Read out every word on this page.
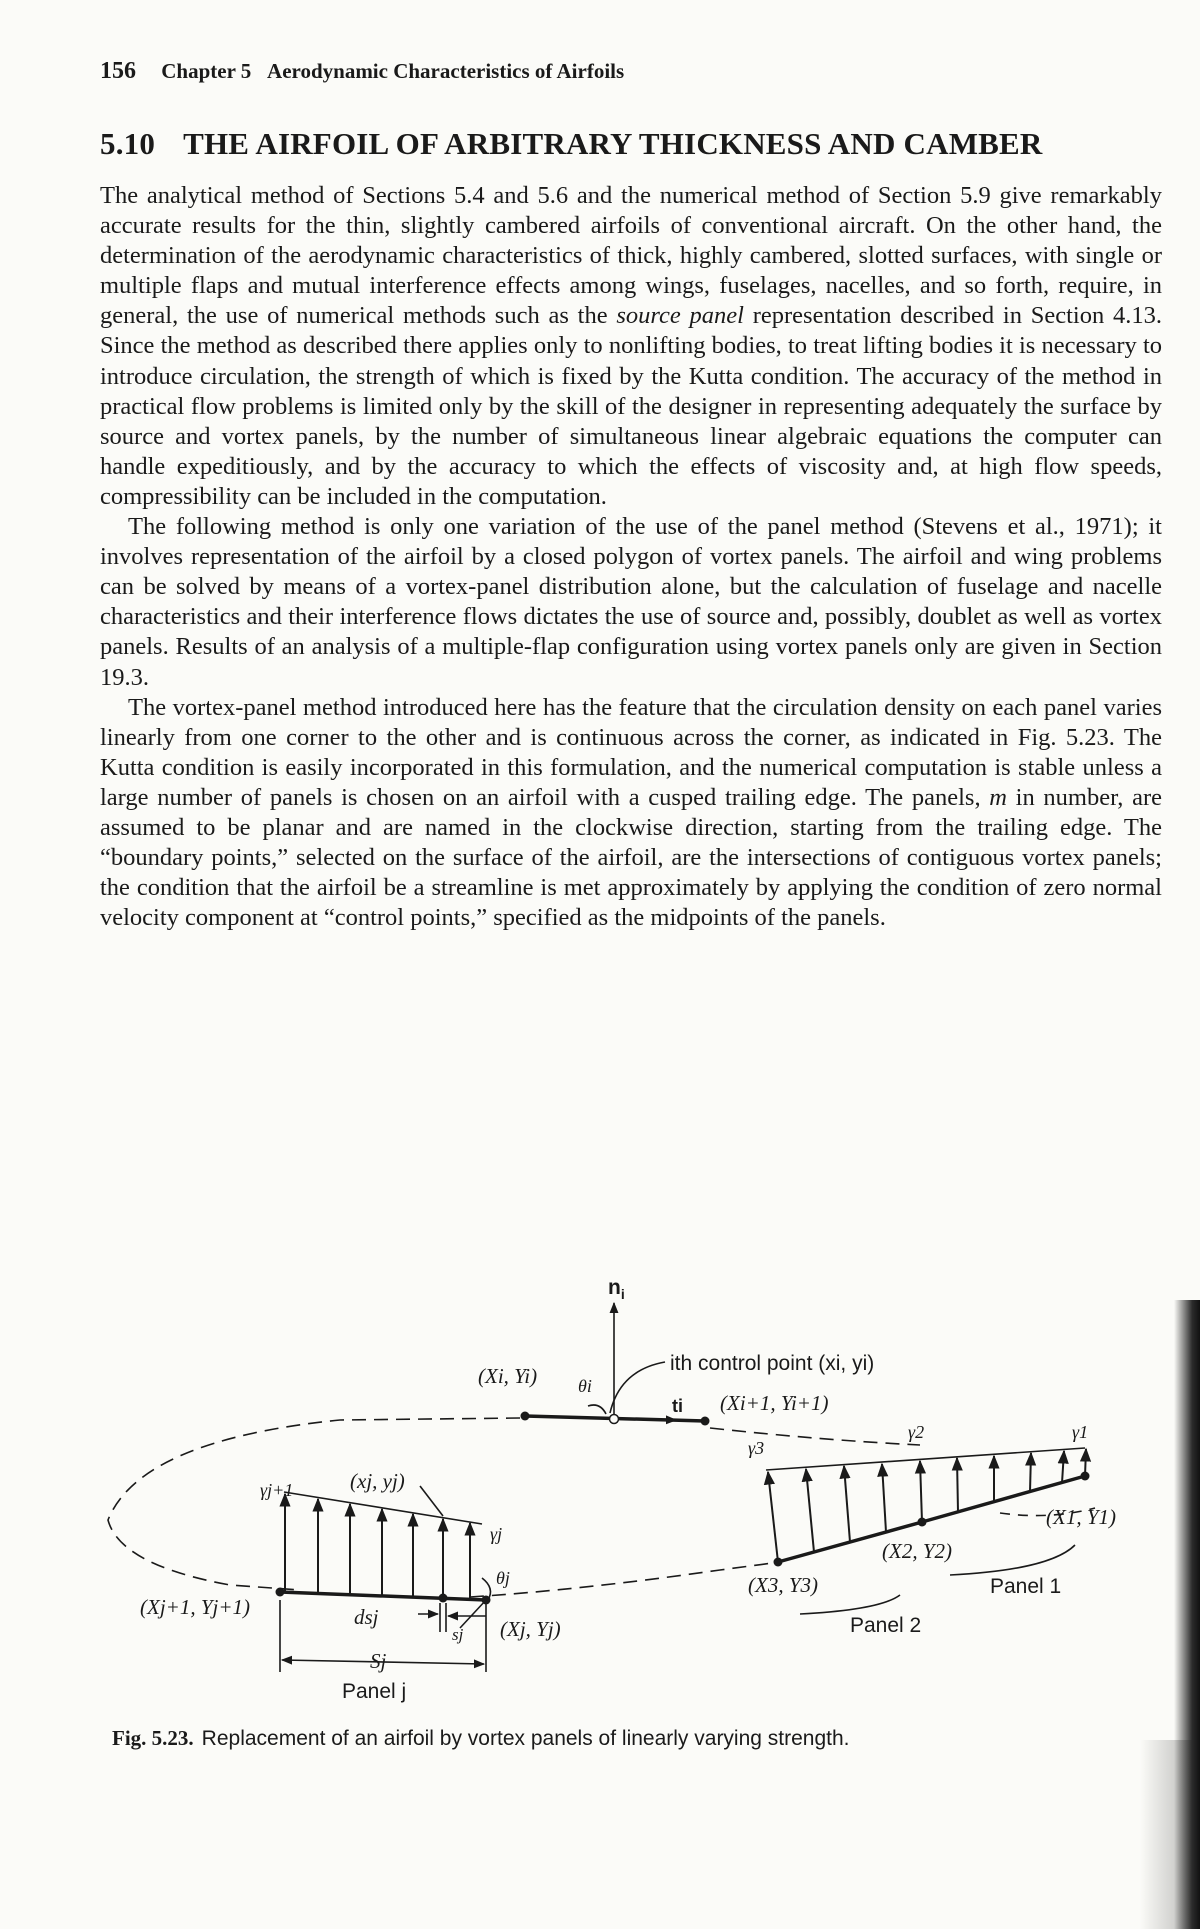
156 Chapter 5 Aerodynamic Characteristics of Airfoils
5.10 THE AIRFOIL OF ARBITRARY THICKNESS AND CAMBER

The analytical method of Sections 5.4 and 5.6 and the numerical method of Section 5.9 give remarkably accurate results for the thin, slightly cambered airfoils of conventional aircraft. On the other hand, the determination of the aerodynamic characteristics of thick, highly cambered, slotted surfaces, with single or multiple flaps and mutual interference effects among wings, fuselages, nacelles, and so forth, require, in general, the use of numerical methods such as the source panel representation described in Section 4.13. Since the method as described there applies only to nonlifting bodies, to treat lifting bodies it is necessary to introduce circulation, the strength of which is fixed by the Kutta condition. The accuracy of the method in practical flow problems is limited only by the skill of the designer in representing adequately the surface by source and vortex panels, by the number of simultaneous linear algebraic equations the computer can handle expeditiously, and by the accuracy to which the effects of viscosity and, at high flow speeds, compressibility can be included in the computation.

The following method is only one variation of the use of the panel method (Stevens et al., 1971); it involves representation of the airfoil by a closed polygon of vortex panels. The airfoil and wing problems can be solved by means of a vortex-panel distribution alone, but the calculation of fuselage and nacelle characteristics and their interference flows dictates the use of source and, possibly, doublet as well as vortex panels. Results of an analysis of a multiple-flap configuration using vortex panels only are given in Section 19.3.

The vortex-panel method introduced here has the feature that the circulation density on each panel varies linearly from one corner to the other and is continuous across the corner, as indicated in Fig. 5.23. The Kutta condition is easily incorporated in this formulation, and the numerical computation is stable unless a large number of panels is chosen on an airfoil with a cusped trailing edge. The panels, m in number, are assumed to be planar and are named in the clockwise direction, starting from the trailing edge. The “boundary points,” selected on the surface of the airfoil, are the intersections of contiguous vortex panels; the condition that the airfoil be a streamline is met approximately by applying the condition of zero normal velocity component at “control points,” specified as the midpoints of the panels.

$n_i$
ith control point (xi, yi)
(Xi, Yi) θi
ti (Xi+1, Yi+1)
γj+1	(xj, yj)
γj
θj
(Xj+1, Yj+1)	dsj
sj (Xj, Yj)
Sj
Panel j
γ3
γ2	γ1
(X1, Y1)
(X2, Y2)
(X3, Y3)	Panel 1
Panel 2
Fig. 5.23. Replacement of an airfoil by vortex panels of linearly varying strength.
